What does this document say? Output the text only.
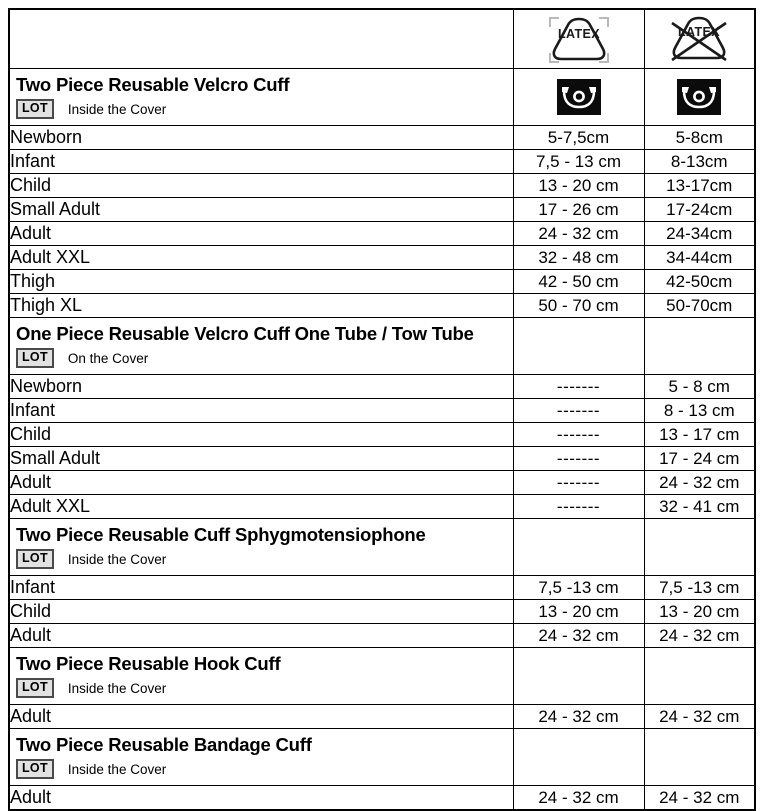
LATEX	LATEX

Two Piece Reusable Velcro Cuff
LOT Inside the Cover

Newborn	5-7,5cm	5-8cm
Infant	7,5 - 13 cm	8-13cm
Child	13 - 20 cm	13-17cm
Small Adult	17 - 26 cm	17-24cm
Adult	24 - 32 cm	24-34cm
Adult XXL	32 - 48 cm	34-44cm
Thigh	42 - 50 cm	42-50cm
Thigh XL	50 - 70 cm	50-70cm

One Piece Reusable Velcro Cuff One Tube / Tow Tube
LOT On the Cover		

Newborn	-------	5 - 8 cm
Infant	-------	8 - 13 cm
Child	-------	13 - 17 cm
Small Adult	-------	17 - 24 cm
Adult	-------	24 - 32 cm
Adult XXL	-------	32 - 41 cm

Two Piece Reusable Cuff Sphygmotensiophone
LOT Inside the Cover		

Infant	7,5 -13 cm	7,5 -13 cm
Child	13 - 20 cm	13 - 20 cm
Adult	24 - 32 cm	24 - 32 cm

Two Piece Reusable Hook Cuff
LOT Inside the Cover		

Adult	24 - 32 cm	24 - 32 cm

Two Piece Reusable Bandage Cuff
LOT Inside the Cover		

Adult	24 - 32 cm	24 - 32 cm
